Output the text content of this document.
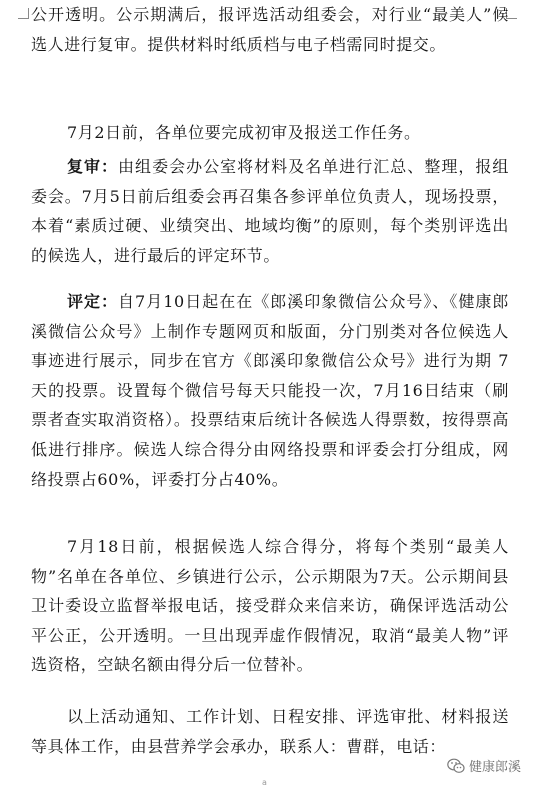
公开透明。公示期满后，报评选活动组委会，对行业“最美人”候选人进行复审。提供材料时纸质档与电子档需同时提交。

7月2日前，各单位要完成初审及报送工作任务。

复审：由组委会办公室将材料及名单进行汇总、整理，报组委会。7月5日前后组委会再召集各参评单位负责人，现场投票，本着“素质过硬、业绩突出、地域均衡”的原则，每个类别评选出的候选人，进行最后的评定环节。

评定：自7月10日起在在《郎溪印象微信公众号》、《健康郎溪微信公众号》上制作专题网页和版面，分门别类对各位候选人事迹进行展示，同步在官方《郎溪印象微信公众号》进行为期 7天的投票。设置每个微信号每天只能投一次，7月16日结束（刷票者查实取消资格）。投票结束后统计各候选人得票数，按得票高低进行排序。候选人综合得分由网络投票和评委会打分组成，网络投票占60%，评委打分占40%。

7月18日前，根据候选人综合得分，将每个类别“最美人物”名单在各单位、乡镇进行公示，公示期限为7天。公示期间县卫计委设立监督举报电话，接受群众来信来访，确保评选活动公平公正，公开透明。一旦出现弄虚作假情况，取消“最美人物”评选资格，空缺名额由得分后一位替补。

以上活动通知、工作计划、日程安排、评选审批、材料报送等具体工作，由县营养学会承办，联系人：曹群，电话：

健康郎溪
a
